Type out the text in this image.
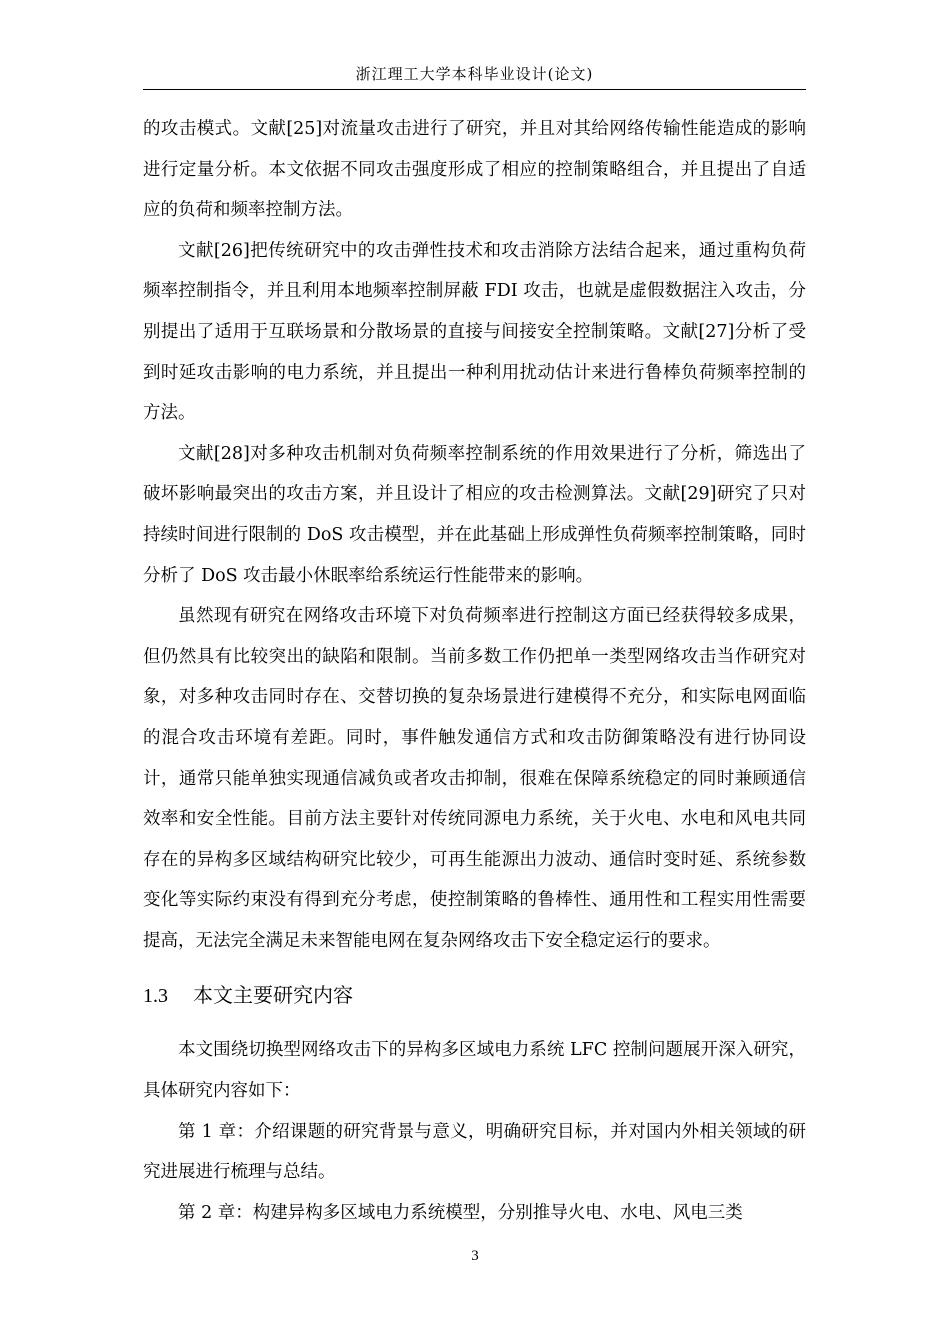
浙江理工大学本科毕业设计(论文)

的攻击模式。文献[25]对流量攻击进行了研究，并且对其给网络传输性能造成的影响进行定量分析。本文依据不同攻击强度形成了相应的控制策略组合，并且提出了自适应的负荷和频率控制方法。

文献[26]把传统研究中的攻击弹性技术和攻击消除方法结合起来，通过重构负荷频率控制指令，并且利用本地频率控制屏蔽 FDI 攻击，也就是虚假数据注入攻击，分别提出了适用于互联场景和分散场景的直接与间接安全控制策略。文献[27]分析了受到时延攻击影响的电力系统，并且提出一种利用扰动估计来进行鲁棒负荷频率控制的方法。

文献[28]对多种攻击机制对负荷频率控制系统的作用效果进行了分析，筛选出了破坏影响最突出的攻击方案，并且设计了相应的攻击检测算法。文献[29]研究了只对持续时间进行限制的 DoS 攻击模型，并在此基础上形成弹性负荷频率控制策略，同时分析了 DoS 攻击最小休眠率给系统运行性能带来的影响。

虽然现有研究在网络攻击环境下对负荷频率进行控制这方面已经获得较多成果，但仍然具有比较突出的缺陷和限制。当前多数工作仍把单一类型网络攻击当作研究对象，对多种攻击同时存在、交替切换的复杂场景进行建模得不充分，和实际电网面临的混合攻击环境有差距。同时，事件触发通信方式和攻击防御策略没有进行协同设计，通常只能单独实现通信减负或者攻击抑制，很难在保障系统稳定的同时兼顾通信效率和安全性能。目前方法主要针对传统同源电力系统，关于火电、水电和风电共同存在的异构多区域结构研究比较少，可再生能源出力波动、通信时变时延、系统参数变化等实际约束没有得到充分考虑，使控制策略的鲁棒性、通用性和工程实用性需要提高，无法完全满足未来智能电网在复杂网络攻击下安全稳定运行的要求。

1.3 本文主要研究内容

本文围绕切换型网络攻击下的异构多区域电力系统 LFC 控制问题展开深入研究，具体研究内容如下：

第 1 章：介绍课题的研究背景与意义，明确研究目标，并对国内外相关领域的研究进展进行梳理与总结。

第 2 章：构建异构多区域电力系统模型，分别推导火电、水电、风电三类

3
